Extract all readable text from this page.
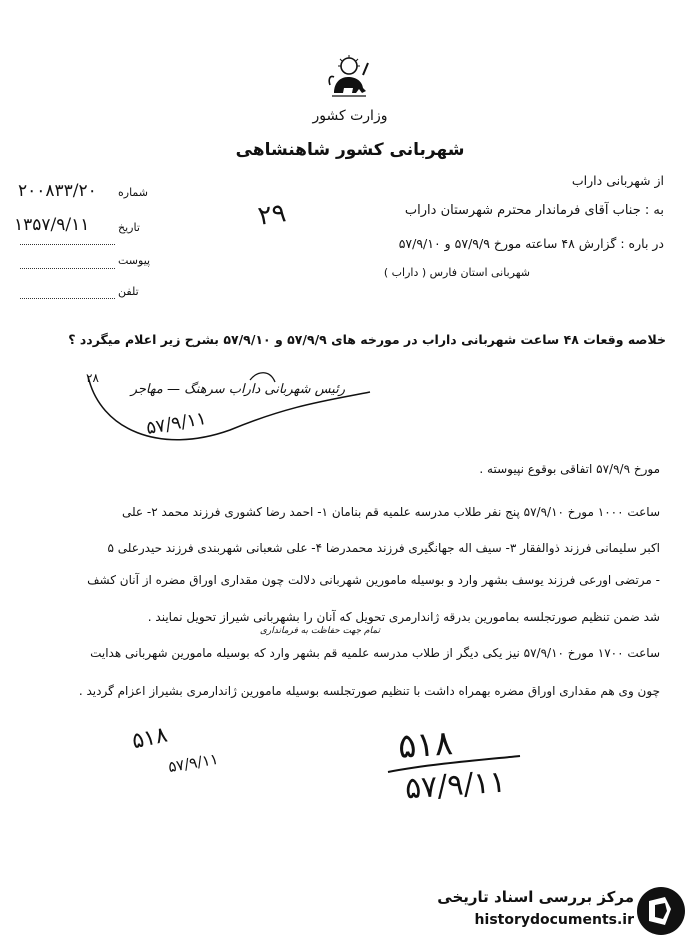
وزارت کشور
شهربانی کشور شاهنشاهی
شماره
تاریخ
پیوست
تلفن
۲۰۰۸۳۳/۲۰
۱۳۵۷/۹/۱۱	۲۹
از شهربانی داراب
به : جناب آقای فرماندار محترم شهرستان داراب
در باره : گزارش ۴۸ ساعته مورخ ۵۷/۹/۹ و ۵۷/۹/۱۰
شهربانی استان فارس ( داراب )
خلاصه وقعات ۴۸ ساعت شهربانی داراب در مورخه های ۵۷/۹/۹ و ۵۷/۹/۱۰ بشرح زیر اعلام میگردد ؟
رئیس شهربانی داراب سرهنگ — مهاجر
۲۸
۵۷/۹/۱۱
مورخ ۵۷/۹/۹ اتفاقی بوقوع نپیوسته .
ساعت ۱۰۰۰ مورخ ۵۷/۹/۱۰ پنج نفر طلاب مدرسه علمیه قم بنامان ۱- احمد رضا کشوری فرزند محمد ۲- علی
اکبر سلیمانی فرزند ذوالفقار ۳- سیف اله جهانگیری فرزند محمدرضا ۴- علی شعبانی شهربندی فرزند حیدرعلی ۵
- مرتضی اورعی فرزند یوسف بشهر وارد و بوسیله مامورین شهربانی دلالت چون مقداری اوراق مضره از آنان کشف
شد ضمن تنظیم صورتجلسه بمامورین بدرقه ژاندارمری تحویل که آنان را بشهربانی شیراز تحویل نمایند .
تمام جهت حفاظت به فرمانداری
ساعت ۱۷۰۰ مورخ ۵۷/۹/۱۰ نیز یکی دیگر از طلاب مدرسه علمیه قم بشهر وارد که بوسیله مامورین شهربانی هدایت
چون وی هم مقداری اوراق مضره بهمراه داشت با تنظیم صورتجلسه بوسیله مامورین ژاندارمری بشیراز اعزام گردید .
۵۱۸
۵۷/۹/۱۱	۵۱۸
۵۷/۹/۱۱
مرکز بررسی اسناد تاریخی
historydocuments.ir
